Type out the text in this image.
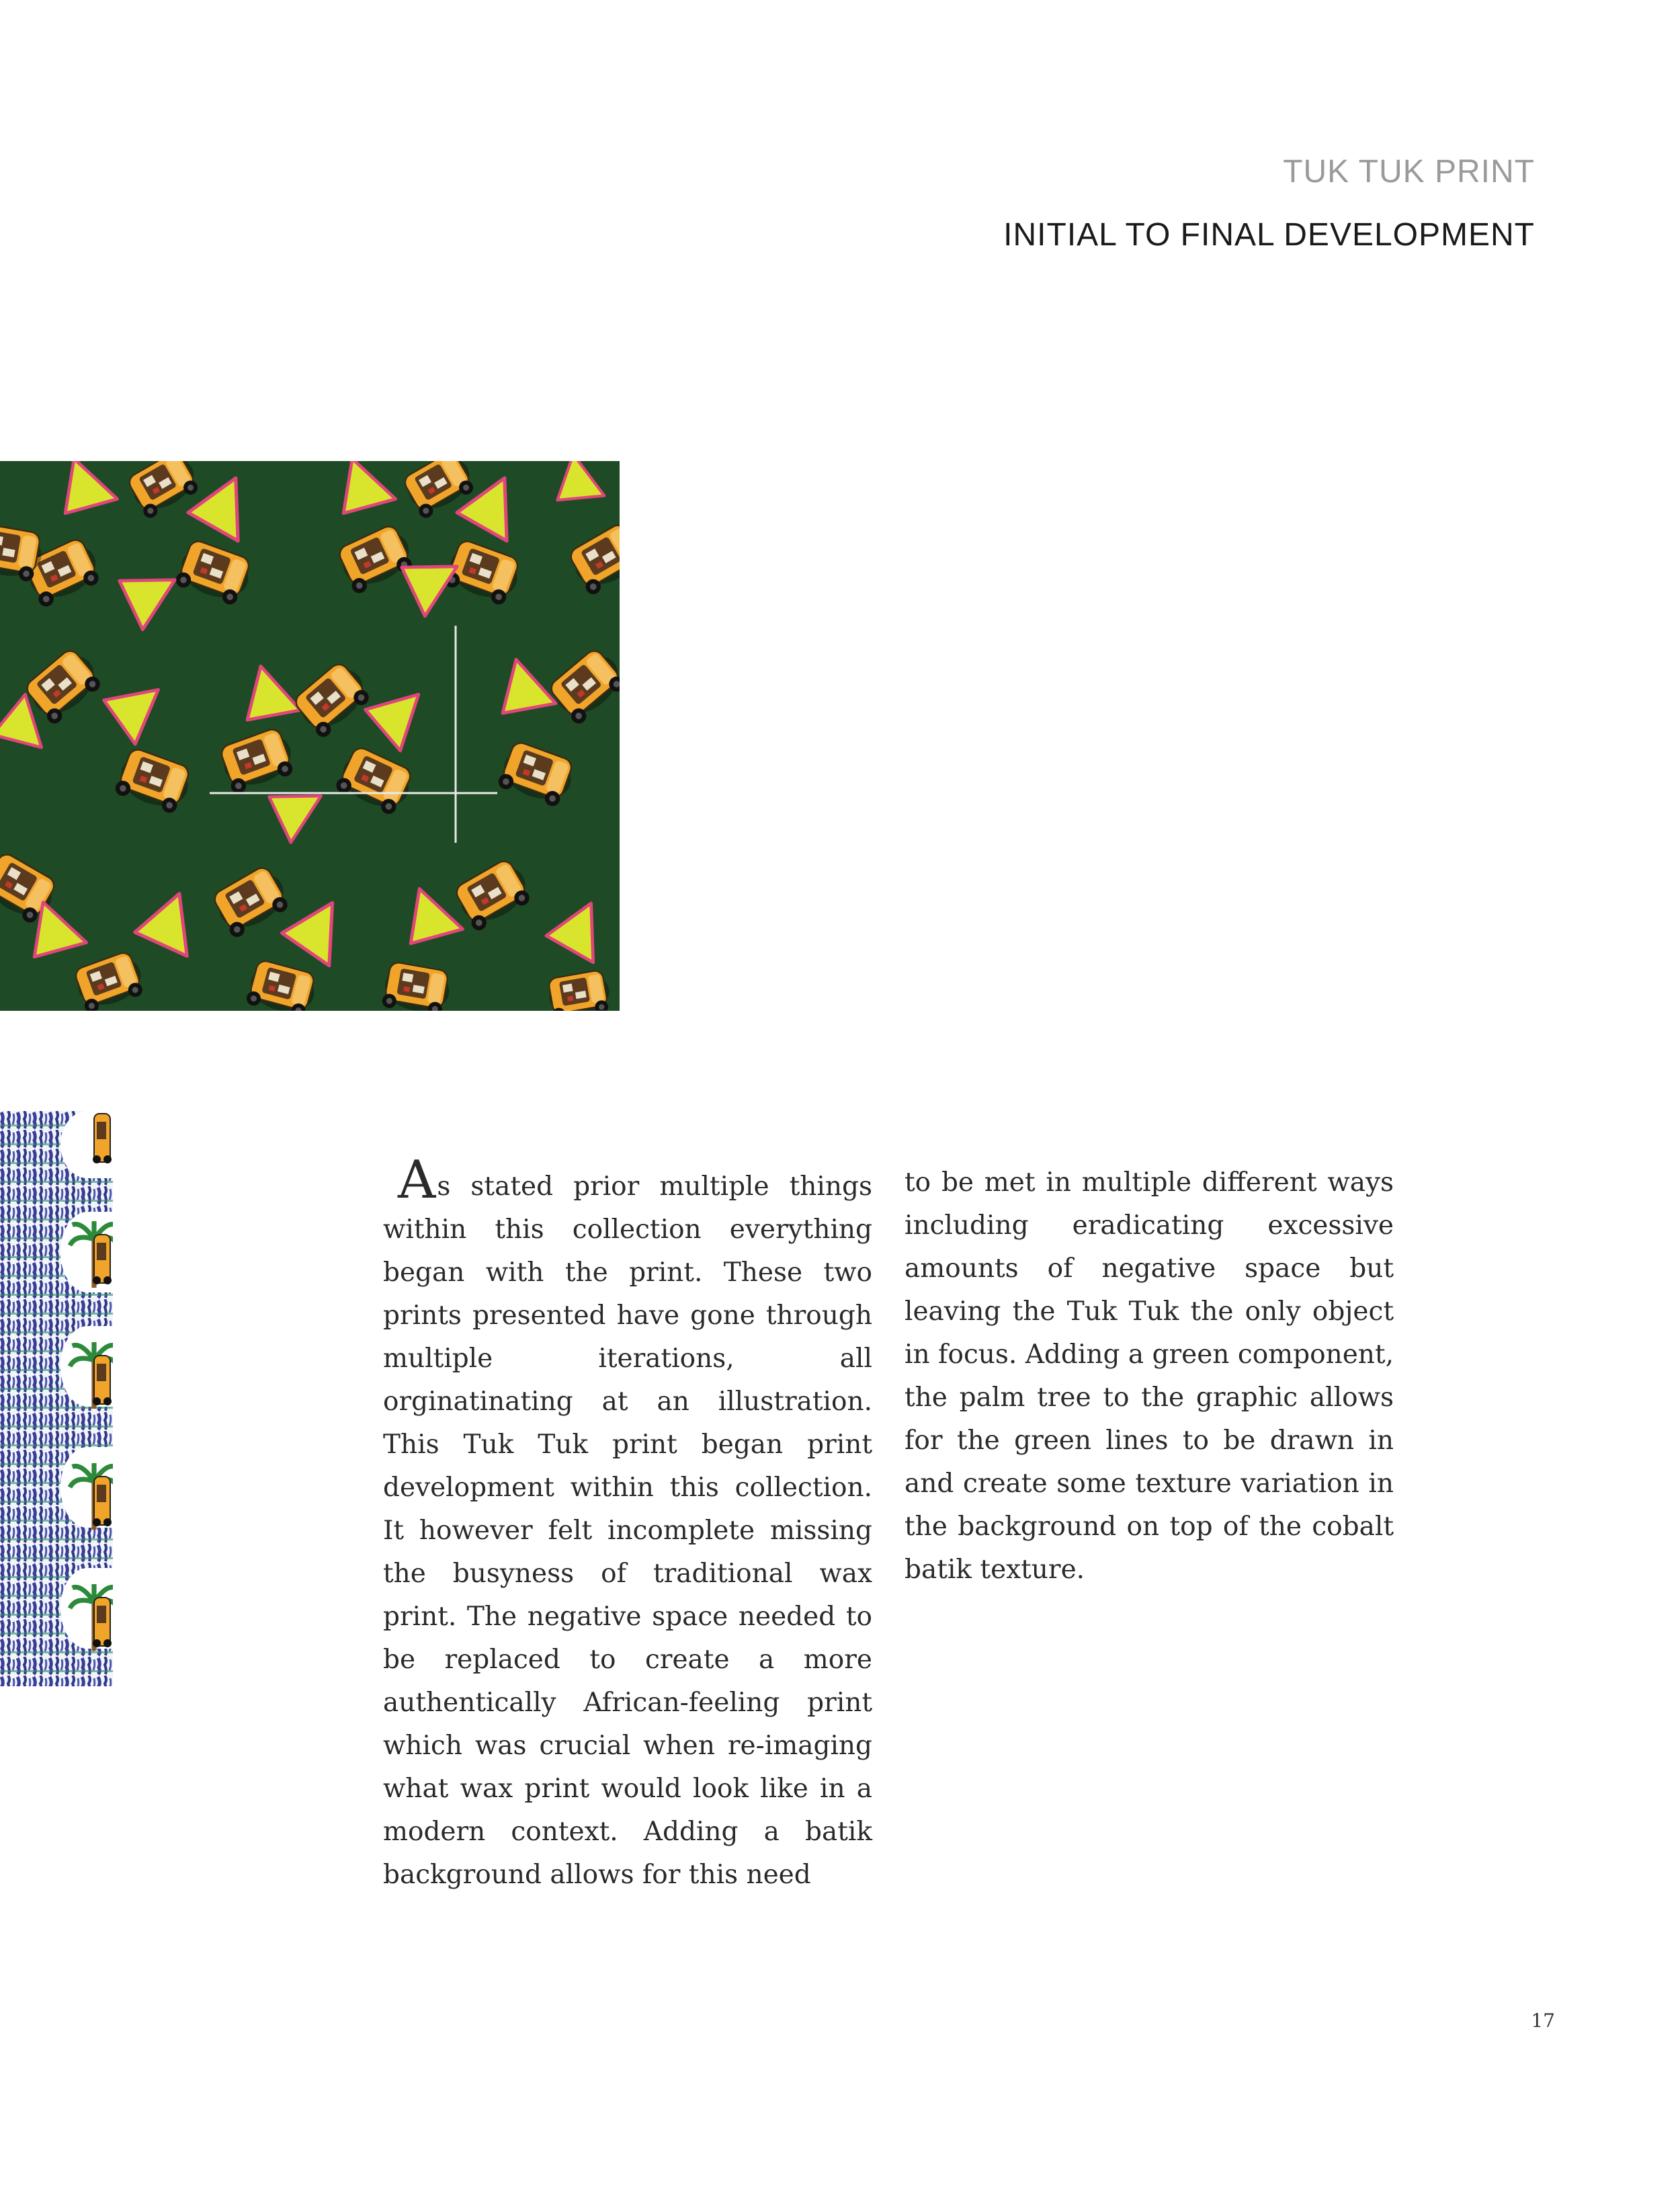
TUK TUK PRINT
INITIAL TO FINAL DEVELOPMENT
As stated prior multiple things within this collection everything began with the print. These two prints presented have gone through multiple iterations, all orginatinating at an illustration. This Tuk Tuk print began print development within this collection. It however felt incomplete missing the busyness of traditional wax print. The negative space needed to be replaced to create a more authentically African-feeling print which was crucial when re-imaging what wax print would look like in a modern context. Adding a batik background allows for this need
to be met in multiple different ways including eradicating excessive amounts of negative space but leaving the Tuk Tuk the only object in focus. Adding a green component, the palm tree to the graphic allows for the green lines to be drawn in and create some texture variation in the background on top of the cobalt batik texture.
17
